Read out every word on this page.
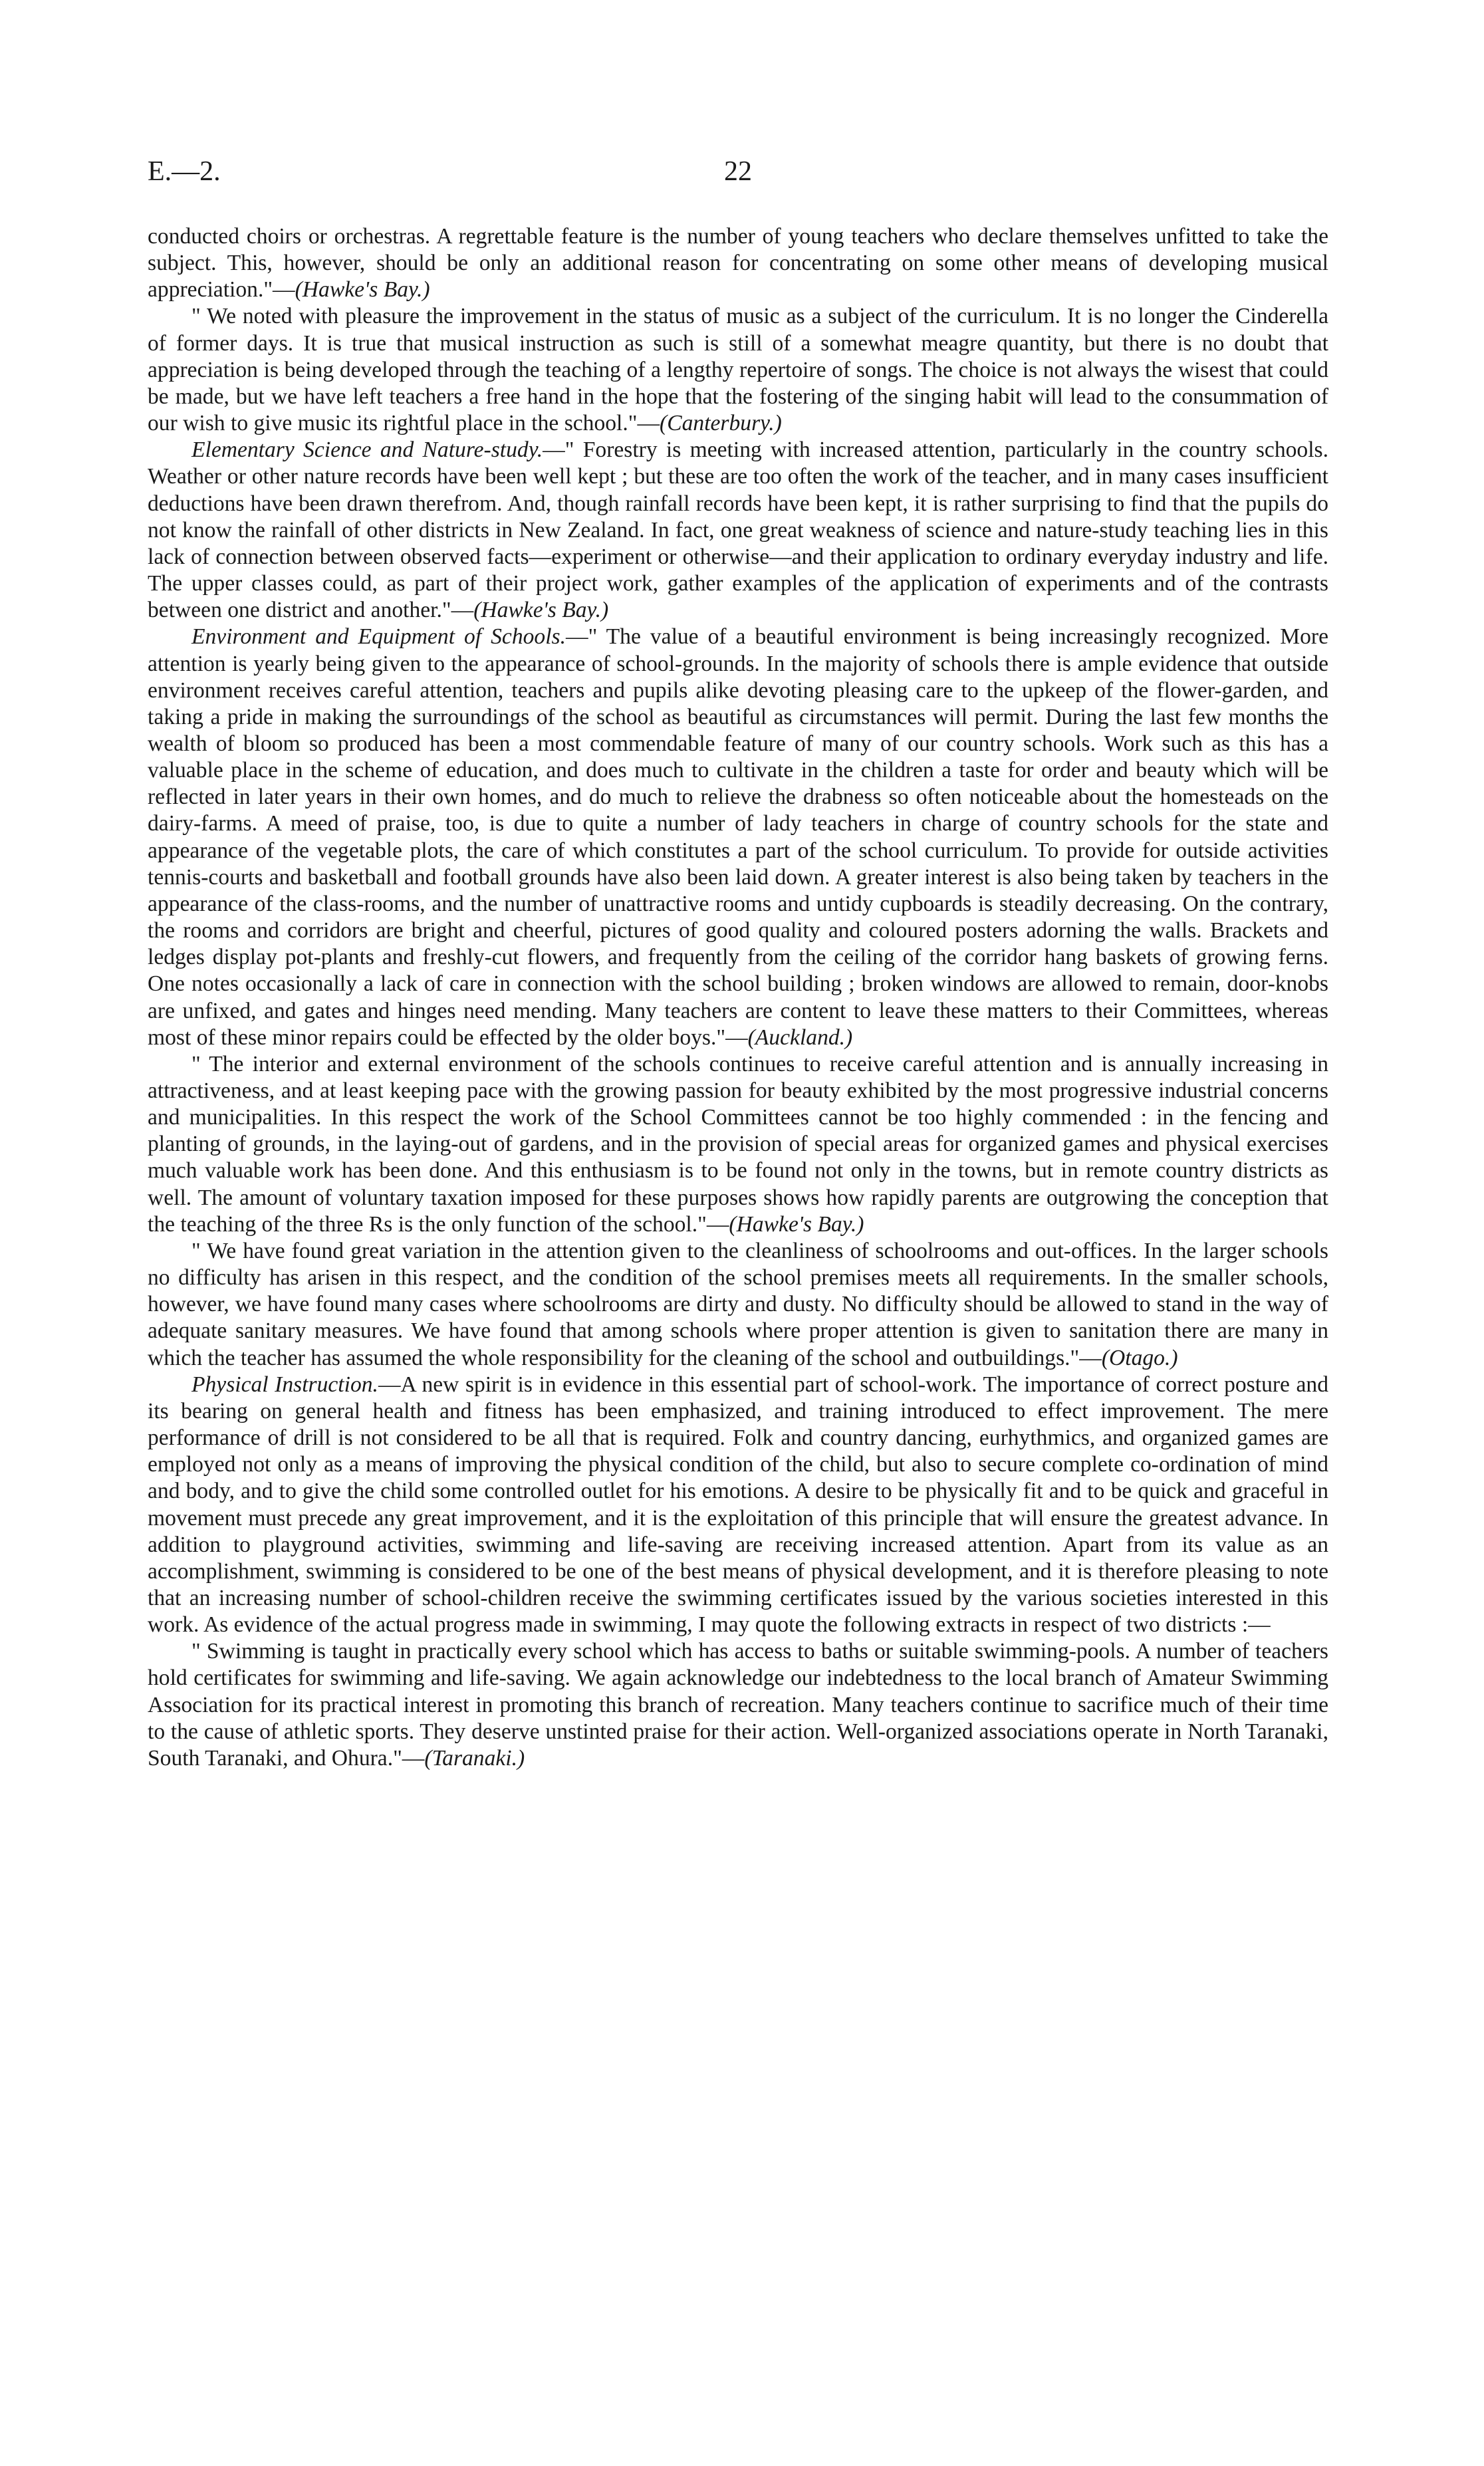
E.—2.	22

conducted choirs or orchestras. A regrettable feature is the number of young teachers who declare themselves unfitted to take the subject. This, however, should be only an additional reason for concentrating on some other means of developing musical appreciation."—(Hawke's Bay.)

" We noted with pleasure the improvement in the status of music as a subject of the curriculum. It is no longer the Cinderella of former days. It is true that musical instruction as such is still of a somewhat meagre quantity, but there is no doubt that appreciation is being developed through the teaching of a lengthy repertoire of songs. The choice is not always the wisest that could be made, but we have left teachers a free hand in the hope that the fostering of the singing habit will lead to the consummation of our wish to give music its rightful place in the school."—(Canterbury.)

Elementary Science and Nature-study.—" Forestry is meeting with increased attention, particularly in the country schools. Weather or other nature records have been well kept ; but these are too often the work of the teacher, and in many cases insufficient deductions have been drawn therefrom. And, though rainfall records have been kept, it is rather surprising to find that the pupils do not know the rainfall of other districts in New Zealand. In fact, one great weakness of science and nature-study teaching lies in this lack of connection between observed facts—experiment or otherwise—and their application to ordinary everyday industry and life. The upper classes could, as part of their project work, gather examples of the application of experiments and of the contrasts between one district and another."—(Hawke's Bay.)

Environment and Equipment of Schools.—" The value of a beautiful environment is being increasingly recognized. More attention is yearly being given to the appearance of school-grounds. In the majority of schools there is ample evidence that outside environment receives careful attention, teachers and pupils alike devoting pleasing care to the upkeep of the flower-garden, and taking a pride in making the surroundings of the school as beautiful as circumstances will permit. During the last few months the wealth of bloom so produced has been a most commendable feature of many of our country schools. Work such as this has a valuable place in the scheme of education, and does much to cultivate in the children a taste for order and beauty which will be reflected in later years in their own homes, and do much to relieve the drabness so often noticeable about the homesteads on the dairy-farms. A meed of praise, too, is due to quite a number of lady teachers in charge of country schools for the state and appearance of the vegetable plots, the care of which constitutes a part of the school curriculum. To provide for outside activities tennis-courts and basketball and football grounds have also been laid down. A greater interest is also being taken by teachers in the appearance of the class-rooms, and the number of unattractive rooms and untidy cupboards is steadily decreasing. On the contrary, the rooms and corridors are bright and cheerful, pictures of good quality and coloured posters adorning the walls. Brackets and ledges display pot-plants and freshly-cut flowers, and frequently from the ceiling of the corridor hang baskets of growing ferns. One notes occasionally a lack of care in connection with the school building ; broken windows are allowed to remain, door-knobs are unfixed, and gates and hinges need mending. Many teachers are content to leave these matters to their Committees, whereas most of these minor repairs could be effected by the older boys."—(Auckland.)

" The interior and external environment of the schools continues to receive careful attention and is annually increasing in attractiveness, and at least keeping pace with the growing passion for beauty exhibited by the most progressive industrial concerns and municipalities. In this respect the work of the School Committees cannot be too highly commended : in the fencing and planting of grounds, in the laying-out of gardens, and in the provision of special areas for organized games and physical exercises much valuable work has been done. And this enthusiasm is to be found not only in the towns, but in remote country districts as well. The amount of voluntary taxation imposed for these purposes shows how rapidly parents are outgrowing the conception that the teaching of the three Rs is the only function of the school."—(Hawke's Bay.)

" We have found great variation in the attention given to the cleanliness of schoolrooms and out-offices. In the larger schools no difficulty has arisen in this respect, and the condition of the school premises meets all requirements. In the smaller schools, however, we have found many cases where schoolrooms are dirty and dusty. No difficulty should be allowed to stand in the way of adequate sanitary measures. We have found that among schools where proper attention is given to sanitation there are many in which the teacher has assumed the whole responsibility for the cleaning of the school and outbuildings."—(Otago.)

Physical Instruction.—A new spirit is in evidence in this essential part of school-work. The importance of correct posture and its bearing on general health and fitness has been emphasized, and training introduced to effect improvement. The mere performance of drill is not considered to be all that is required. Folk and country dancing, eurhythmics, and organized games are employed not only as a means of improving the physical condition of the child, but also to secure complete co-ordination of mind and body, and to give the child some controlled outlet for his emotions. A desire to be physically fit and to be quick and graceful in movement must precede any great improvement, and it is the exploitation of this principle that will ensure the greatest advance. In addition to playground activities, swimming and life-saving are receiving increased attention. Apart from its value as an accomplishment, swimming is considered to be one of the best means of physical development, and it is therefore pleasing to note that an increasing number of school-children receive the swimming certificates issued by the various societies interested in this work. As evidence of the actual progress made in swimming, I may quote the following extracts in respect of two districts :—

" Swimming is taught in practically every school which has access to baths or suitable swimming-pools. A number of teachers hold certificates for swimming and life-saving. We again acknowledge our indebtedness to the local branch of Amateur Swimming Association for its practical interest in promoting this branch of recreation. Many teachers continue to sacrifice much of their time to the cause of athletic sports. They deserve unstinted praise for their action. Well-organized associations operate in North Taranaki, South Taranaki, and Ohura."—(Taranaki.)
